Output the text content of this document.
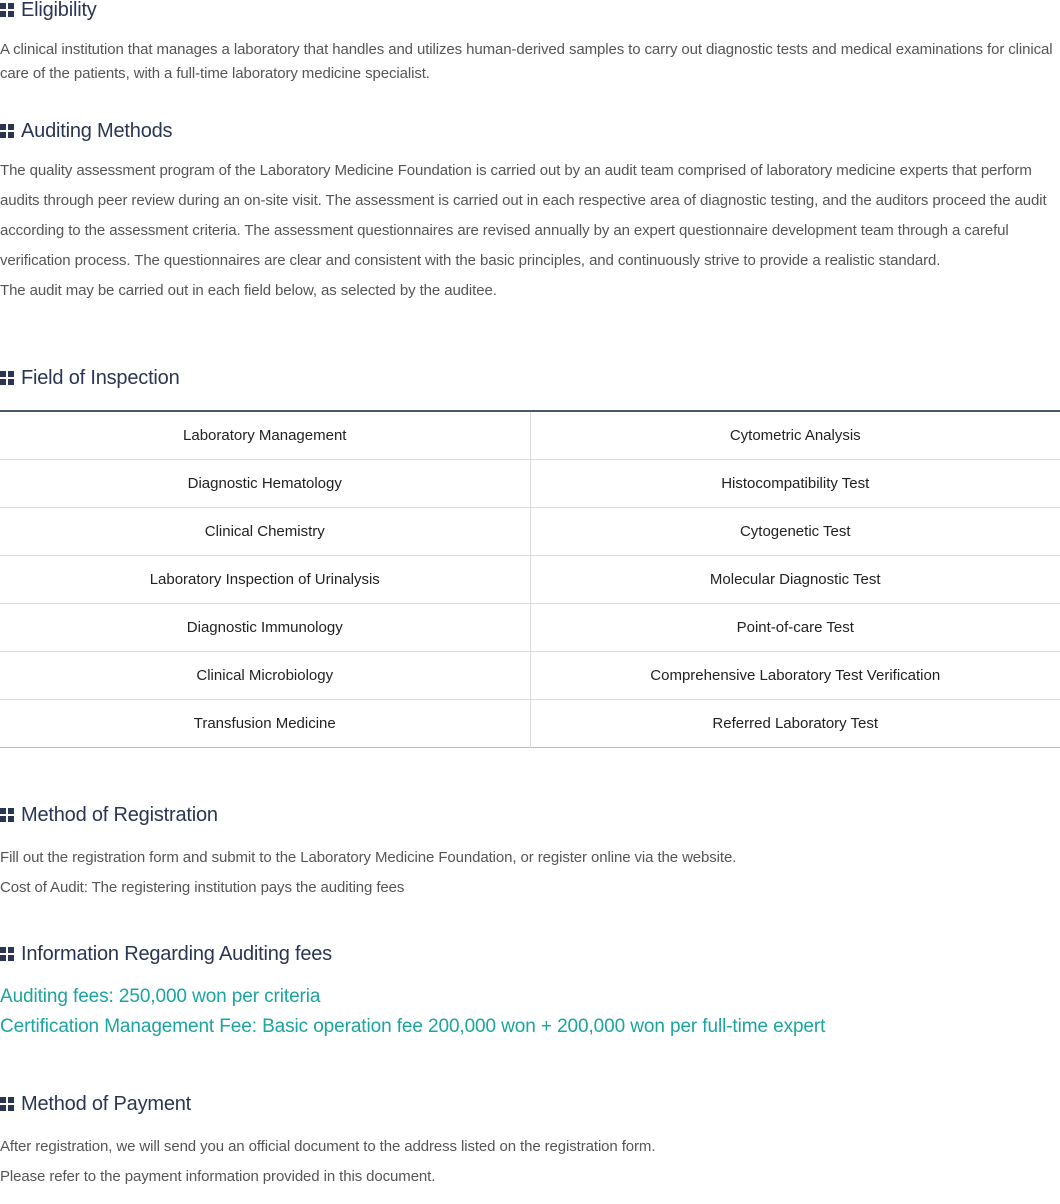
Eligibility

A clinical institution that manages a laboratory that handles and utilizes human-derived samples to carry out diagnostic tests and medical examinations for clinical care of the patients, with a full-time laboratory medicine specialist.

Auditing Methods

The quality assessment program of the Laboratory Medicine Foundation is carried out by an audit team comprised of laboratory medicine experts that perform audits through peer review during an on-site visit. The assessment is carried out in each respective area of diagnostic testing, and the auditors proceed the audit according to the assessment criteria. The assessment questionnaires are revised annually by an expert questionnaire development team through a careful verification process. The questionnaires are clear and consistent with the basic principles, and continuously strive to provide a realistic standard.

The audit may be carried out in each field below, as selected by the auditee.

Field of Inspection
Laboratory Management	Cytometric Analysis
Diagnostic Hematology	Histocompatibility Test
Clinical Chemistry	Cytogenetic Test
Laboratory Inspection of Urinalysis	Molecular Diagnostic Test
Diagnostic Immunology	Point-of-care Test
Clinical Microbiology	Comprehensive Laboratory Test Verification
Transfusion Medicine	Referred Laboratory Test
Method of Registration

Fill out the registration form and submit to the Laboratory Medicine Foundation, or register online via the website.

Cost of Audit: The registering institution pays the auditing fees

Information Regarding Auditing fees

Auditing fees: 250,000 won per criteria

Certification Management Fee: Basic operation fee 200,000 won + 200,000 won per full-time expert

Method of Payment

After registration, we will send you an official document to the address listed on the registration form.

Please refer to the payment information provided in this document.
